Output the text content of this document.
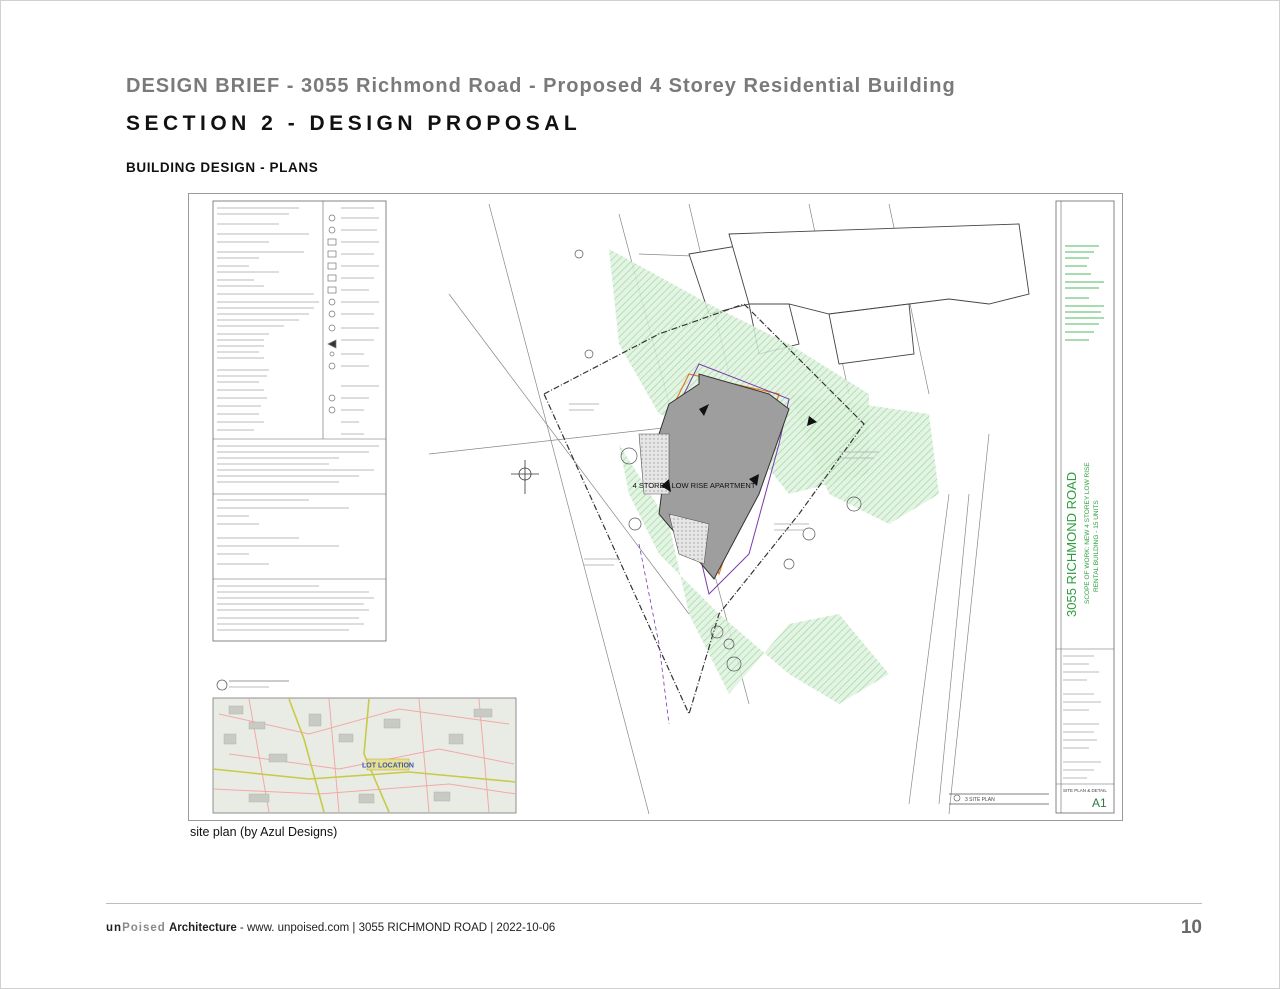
DESIGN BRIEF - 3055 Richmond Road - Proposed 4 Storey Residential Building
SECTION 2 - DESIGN PROPOSAL
BUILDING DESIGN - PLANS
LOT LOCATION
4 STOREY LOW RISE APARTMENT
3 SITE PLAN
3055 RICHMOND ROAD SCOPE OF WORK: NEW 4 STOREY LOW RISE RENTAL BUILDING - 15 UNITS
SITE PLAN & DETAIL
A1
site plan (by Azul Designs)
unPoised Architecture - www. unpoised.com | 3055 RICHMOND ROAD | 2022-10-06	10
